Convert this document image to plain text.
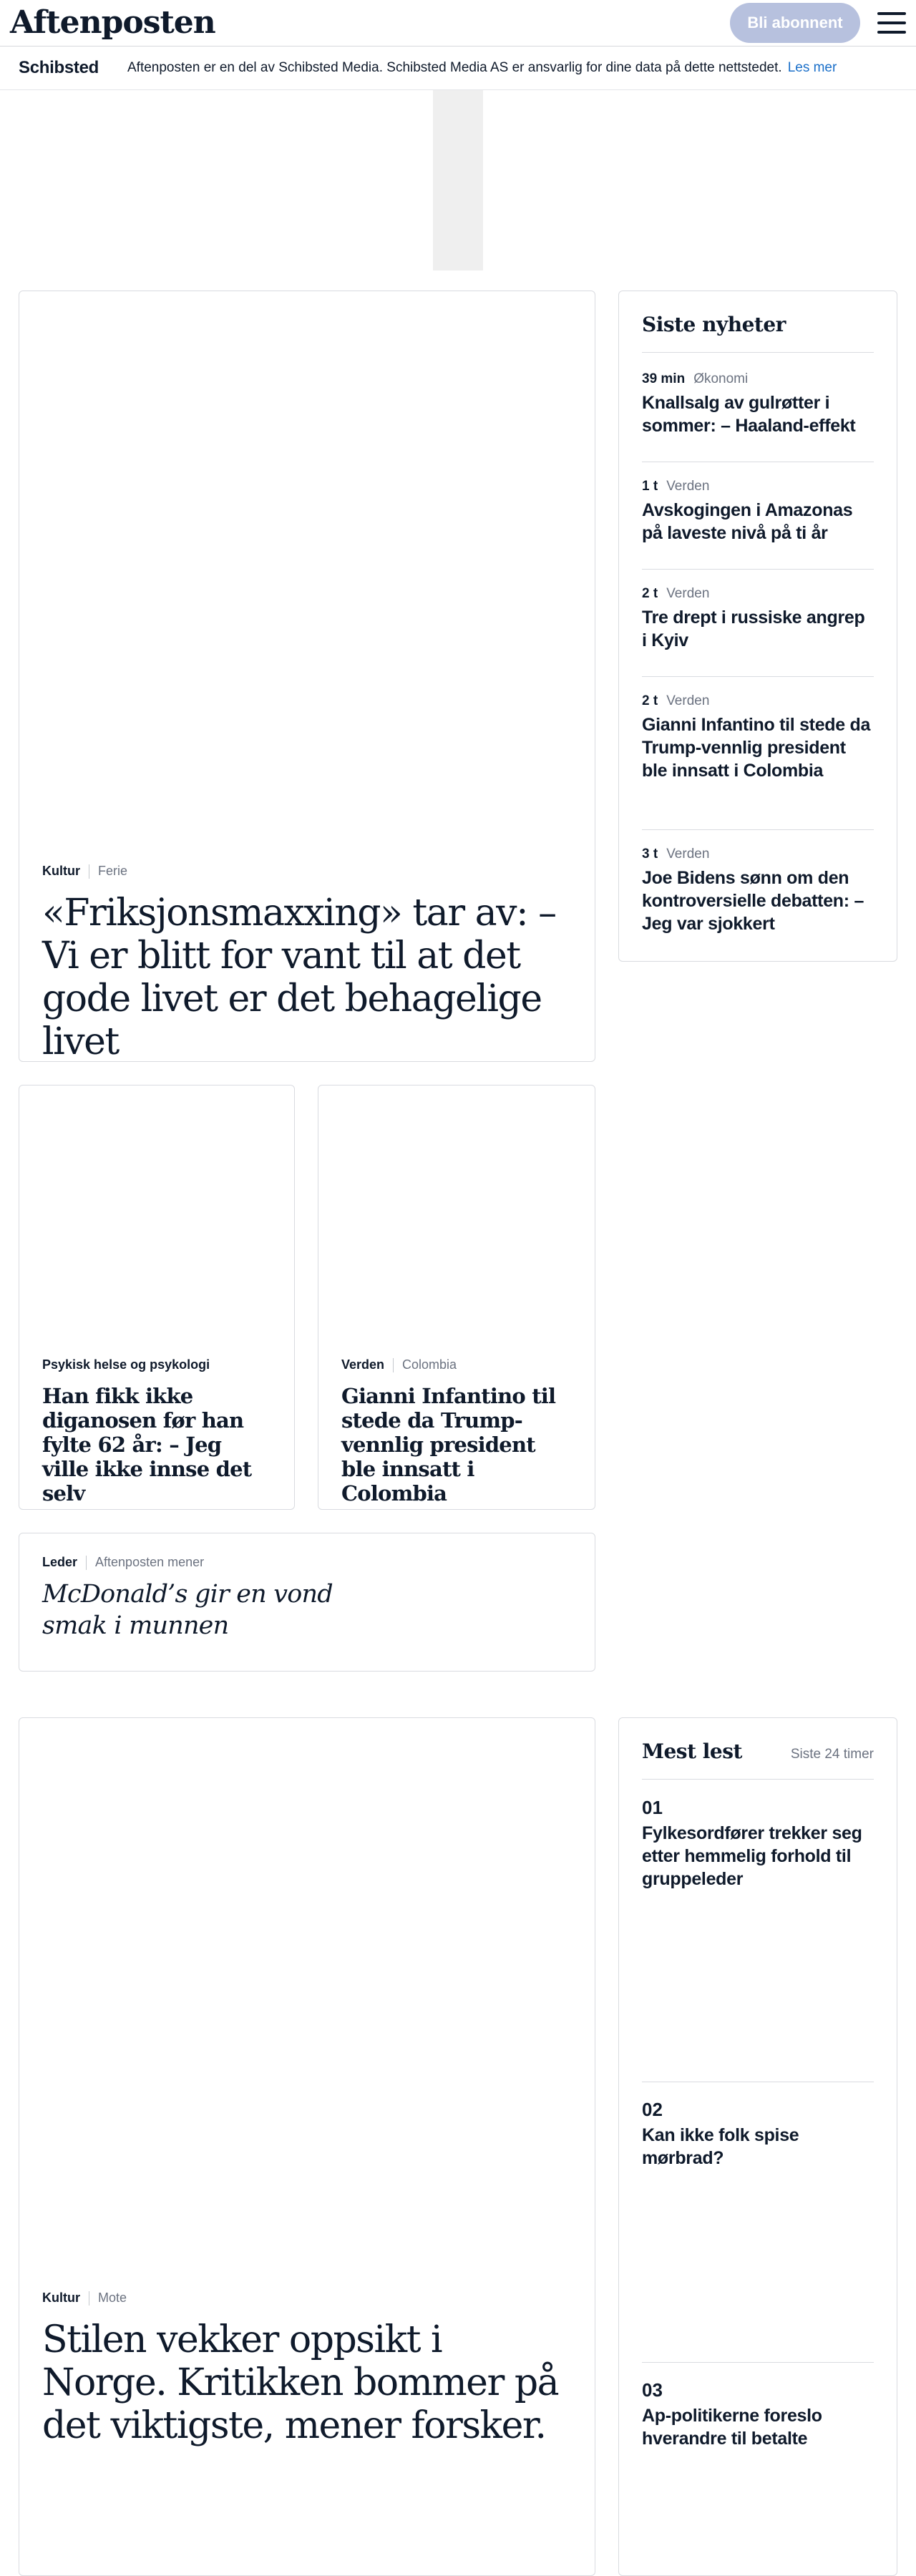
Aftenposten	Bli abonnent
Schibsted Aftenposten er en del av Schibsted Media. Schibsted Media AS er ansvarlig for dine data på dette nettstedet. Les mer
Kultur Ferie
«Friksjonsmaxxing» tar av: – Vi er blitt for vant til at det gode livet er det behagelige livet
Siste nyheter
39 min Økonomi
Knallsalg av gulrøtter i sommer: – Haaland-effekt
1 t Verden
Avskogingen i Amazonas på laveste nivå på ti år
2 t Verden
Tre drept i russiske angrep i Kyiv
2 t Verden
Gianni Infantino til stede da Trump-vennlig president ble innsatt i Colombia
3 t Verden
Joe Bidens sønn om den kontroversielle debatten: – Jeg var sjokkert
Psykisk helse og psykologi
Han fikk ikke diganosen før han fylte 62 år: – Jeg ville ikke innse det selv
Verden Colombia
Gianni Infantino til stede da Trump-vennlig president ble innsatt i Colombia
Leder Aftenposten mener
McDonald’s gir en vond smak i munnen
Kultur Mote
Stilen vekker oppsikt i Norge. Kritikken bommer på det viktigste, mener forsker.
Mest lest	Siste 24 timer
01
Fylkesordfører trekker seg etter hemmelig forhold til gruppeleder
02
Kan ikke folk spise mørbrad?
03
Ap-politikerne foreslo hverandre til betalte
